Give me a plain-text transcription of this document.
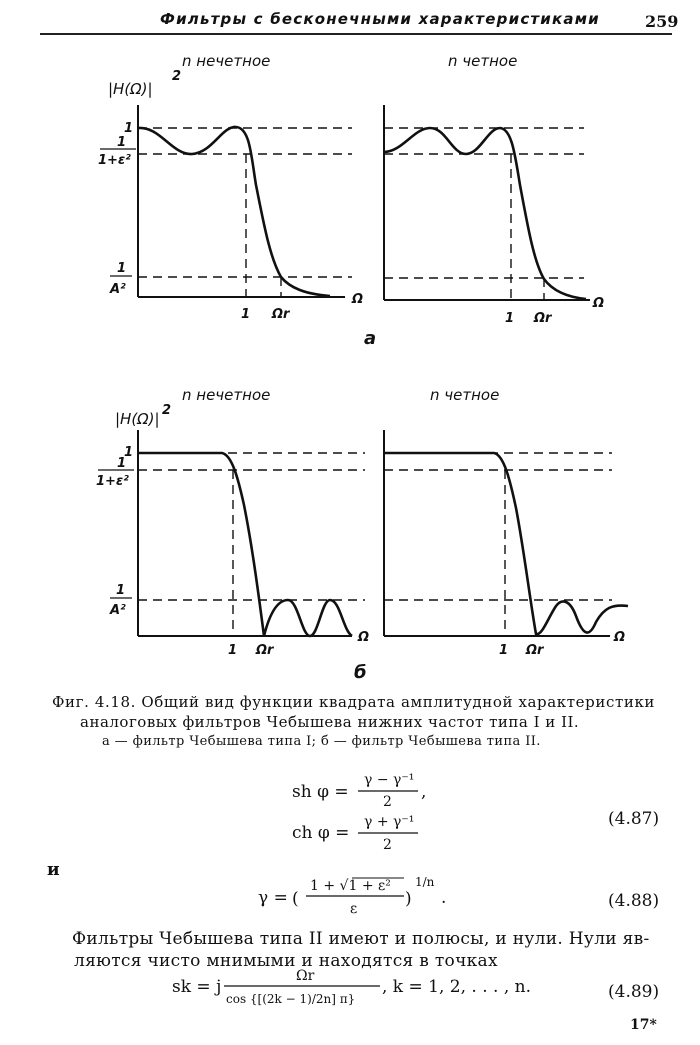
Фильтры с бесконечными характеристиками	259
n нечетное	n четное
|H(Ω)|
2
1
1
1+ε²
1
A²
1 Ωr
Ω
1 Ωr
Ω
а
n нечетное	n четное
|H(Ω)| 2
1
1
1+ε²
1
A²
1 Ωr
Ω
1 Ωr
Ω
б
Фиг. 4.18. Общий вид функции квадрата амплитудной характеристики
аналоговых фильтров Чебышева нижних частот типа I и II.
а — фильтр Чебышева типа I; б — фильтр Чебышева типа II.
sh φ =
γ − γ⁻¹
2 ,
ch φ =
γ + γ⁻¹
2
(4.87)
γ = (
1 + √1 + ε²
ε	)
1/n
.	(4.88)
sk = j
Ωr
cos {[(2k − 1)/2n] π}
, k = 1, 2, . . . , n.	(4.89)
и
Фильтры Чебышева типа II имеют и полюсы, и нули. Нули яв-
ляются чисто мнимыми и находятся в точках
17*
